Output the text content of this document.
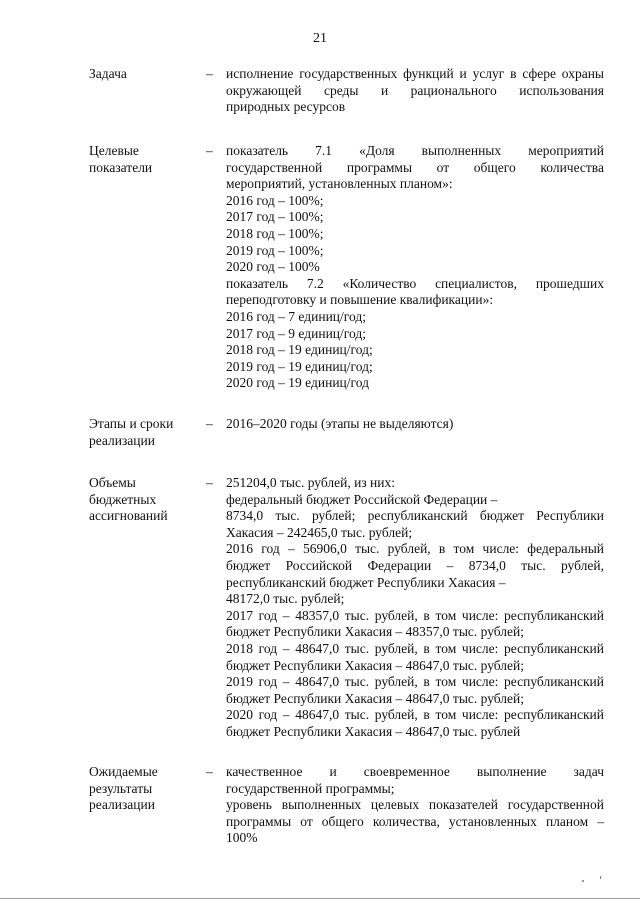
21
Задача	– исполнение государственных функций и услуг в сфере охраны
окружающей среды и рационального использования
природных ресурсов
Целевые
показатели
– показатель 7.1 «Доля выполненных мероприятий
государственной программы от общего количества
мероприятий, установленных планом»:
2016 год – 100%;
2017 год – 100%;
2018 год – 100%;
2019 год – 100%;
2020 год – 100%
показатель 7.2 «Количество специалистов, прошедших
переподготовку и повышение квалификации»:
2016 год – 7 единиц/год;
2017 год – 9 единиц/год;
2018 год – 19 единиц/год;
2019 год – 19 единиц/год;
2020 год – 19 единиц/год
Этапы и сроки
реализации
– 2016–2020 годы (этапы не выделяются)
Объемы
бюджетных
ассигнований
– 251204,0 тыс. рублей, из них:
федеральный бюджет Российской Федерации –
8734,0 тыс. рублей; республиканский бюджет Республики
Хакасия – 242465,0 тыс. рублей;
2016 год – 56906,0 тыс. рублей, в том числе: федеральный
бюджет Российской Федерации – 8734,0 тыс. рублей,
республиканский бюджет Республики Хакасия –
48172,0 тыс. рублей;
2017 год – 48357,0 тыс. рублей, в том числе: республиканский
бюджет Республики Хакасия – 48357,0 тыс. рублей;
2018 год – 48647,0 тыс. рублей, в том числе: республиканский
бюджет Республики Хакасия – 48647,0 тыс. рублей;
2019 год – 48647,0 тыс. рублей, в том числе: республиканский
бюджет Республики Хакасия – 48647,0 тыс. рублей;
2020 год – 48647,0 тыс. рублей, в том числе: республиканский
бюджет Республики Хакасия – 48647,0 тыс. рублей
Ожидаемые
результаты
реализации
– качественное и своевременное выполнение задач
государственной программы;
уровень выполненных целевых показателей государственной
программы от общего количества, установленных планом –
100%
